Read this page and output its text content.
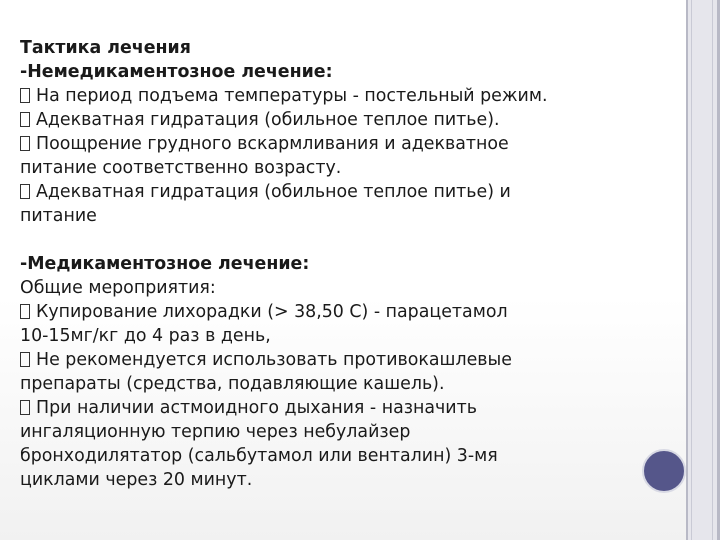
Тактика лечения

-Немедикаментозное лечение:

На период подъема температуры - постельный режим.

Адекватная гидратация (обильное теплое питье).

Поощрение грудного вскармливания и адекватное

питание соответственно возрасту.

Адекватная гидратация (обильное теплое питье) и

питание

-Медикаментозное лечение:

Общие мероприятия:

Купирование лихорадки (> 38,50 С) - парацетамол

10-15мг/кг до 4 раз в день,

Не рекомендуется использовать противокашлевые

препараты (средства, подавляющие кашель).

При наличии астмоидного дыхания - назначить

ингаляционную терпию через небулайзер

бронходилятатор (сальбутамол или венталин) 3-мя

циклами через 20 минут.
